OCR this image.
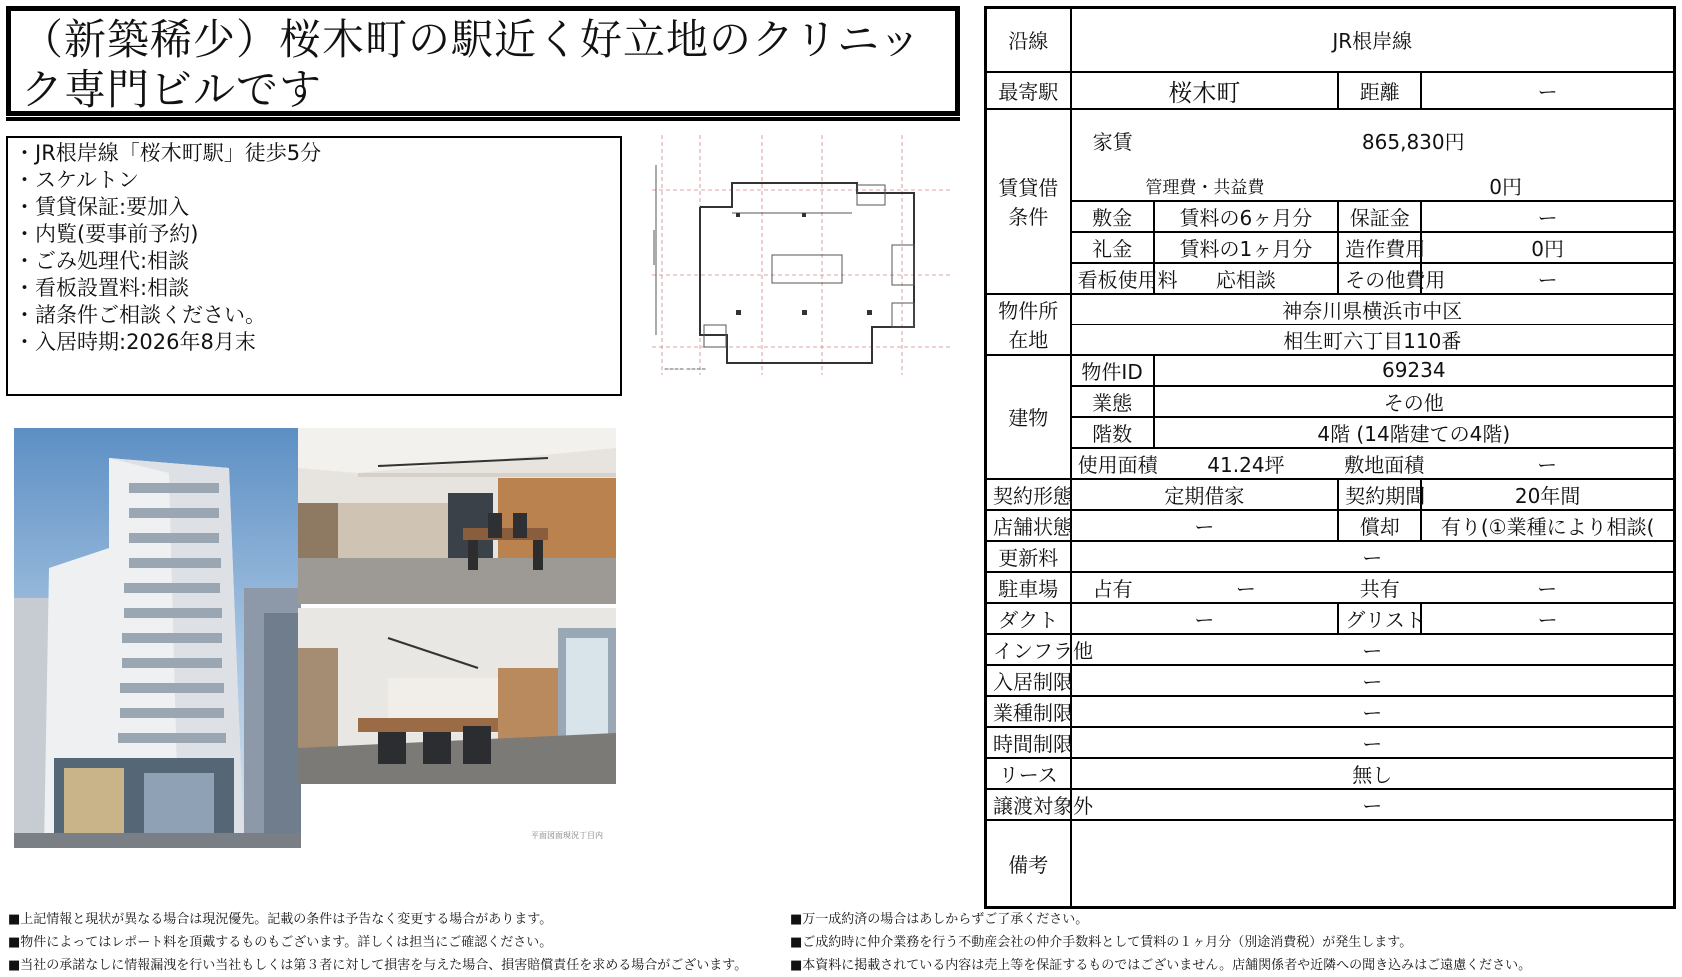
（新築稀少）桜木町の駅近く好立地のクリニック専門ビルです
・JR根岸線「桜木町駅」徒歩5分
・スケルトン
・賃貸保証:要加入
・内覧(要事前予約)
・ごみ処理代:相談
・看板設置料:相談
・諸条件ご相談ください。
・入居時期:2026年8月末
==== ====
平面図面現況丁目内
沿線	JR根岸線			
最寄駅	桜木町		距離	ー
賃貸借条件	家賃	865,830円		
	管理費・共益費		0円	
	敷金	賃料の6ヶ月分	保証金	ー
	礼金	賃料の1ヶ月分	造作費用	0円
	看板使用料	応相談	その他費用	ー

物件所在地	神奈川県横浜市中区			
	相生町六丁目110番			
建物	物件ID	69234		
	業態	その他		
	階数	4階 (14階建ての4階)		
	使用面積	41.24坪	敷地面積	ー
契約形態	定期借家		契約期間	20年間
店舗状態	ー		償却	有り(①業種により相談(
更新料	ー			
駐車場	占有	ー	共有	ー
ダクト	ー		グリスト	ー
インフラ他	ー			
入居制限	ー			
業種制限	ー			
時間制限	ー			
リース	無し			
譲渡対象外	ー			
備考				
■ 上記情報と現状が異なる場合は現況優先。記載の条件は予告なく変更する場合があります。
■ 物件によってはレポート料を頂戴するものもございます。詳しくは担当にご確認ください。
■ 当社の承諾なしに情報漏洩を行い当社もしくは第３者に対して損害を与えた場合、損害賠償責任を求める場合がございます。
■ 万一成約済の場合はあしからずご了承ください。
■ ご成約時に仲介業務を行う不動産会社の仲介手数料として賃料の１ヶ月分（別途消費税）が発生します。
■ 本資料に掲載されている内容は売上等を保証するものではございません。店舗関係者や近隣への聞き込みはご遠慮ください。
